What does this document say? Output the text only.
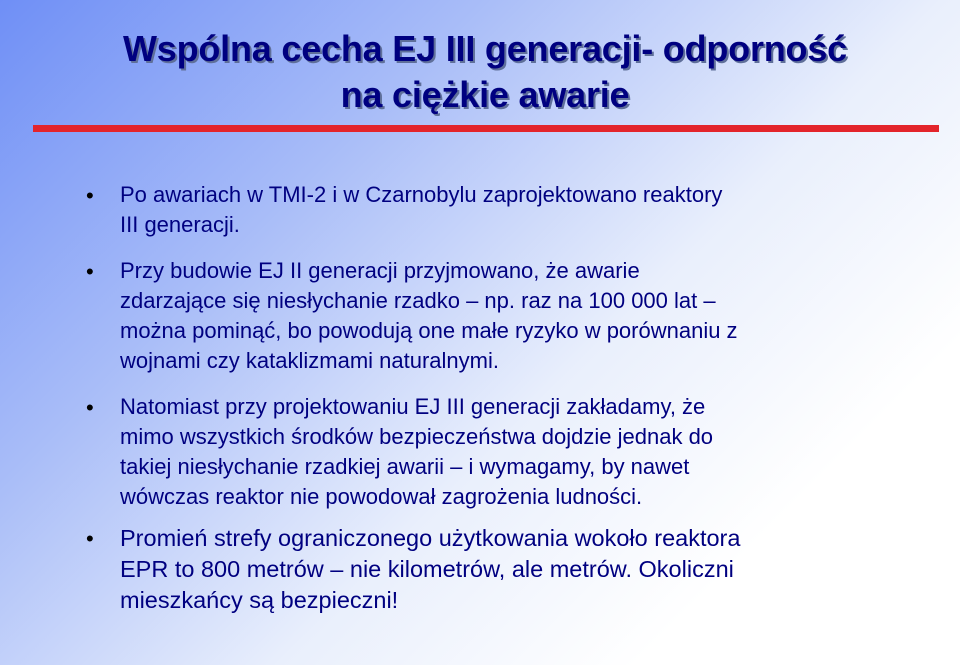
Wspólna cecha EJ III generacji- odporność
na ciężkie awarie
• Po awariach w TMI-2 i w Czarnobylu zaprojektowano reaktory
III generacji.
• Przy budowie EJ II generacji przyjmowano, że awarie
zdarzające się niesłychanie rzadko – np. raz na 100 000 lat –
można pominąć, bo powodują one małe ryzyko w porównaniu z
wojnami czy kataklizmami naturalnymi.
• Natomiast przy projektowaniu EJ III generacji zakładamy, że
mimo wszystkich środków bezpieczeństwa dojdzie jednak do
takiej niesłychanie rzadkiej awarii – i wymagamy, by nawet
wówczas reaktor nie powodował zagrożenia ludności.
• Promień strefy ograniczonego użytkowania wokoło reaktora
EPR to 800 metrów – nie kilometrów, ale metrów. Okoliczni
mieszkańcy są bezpieczni!
